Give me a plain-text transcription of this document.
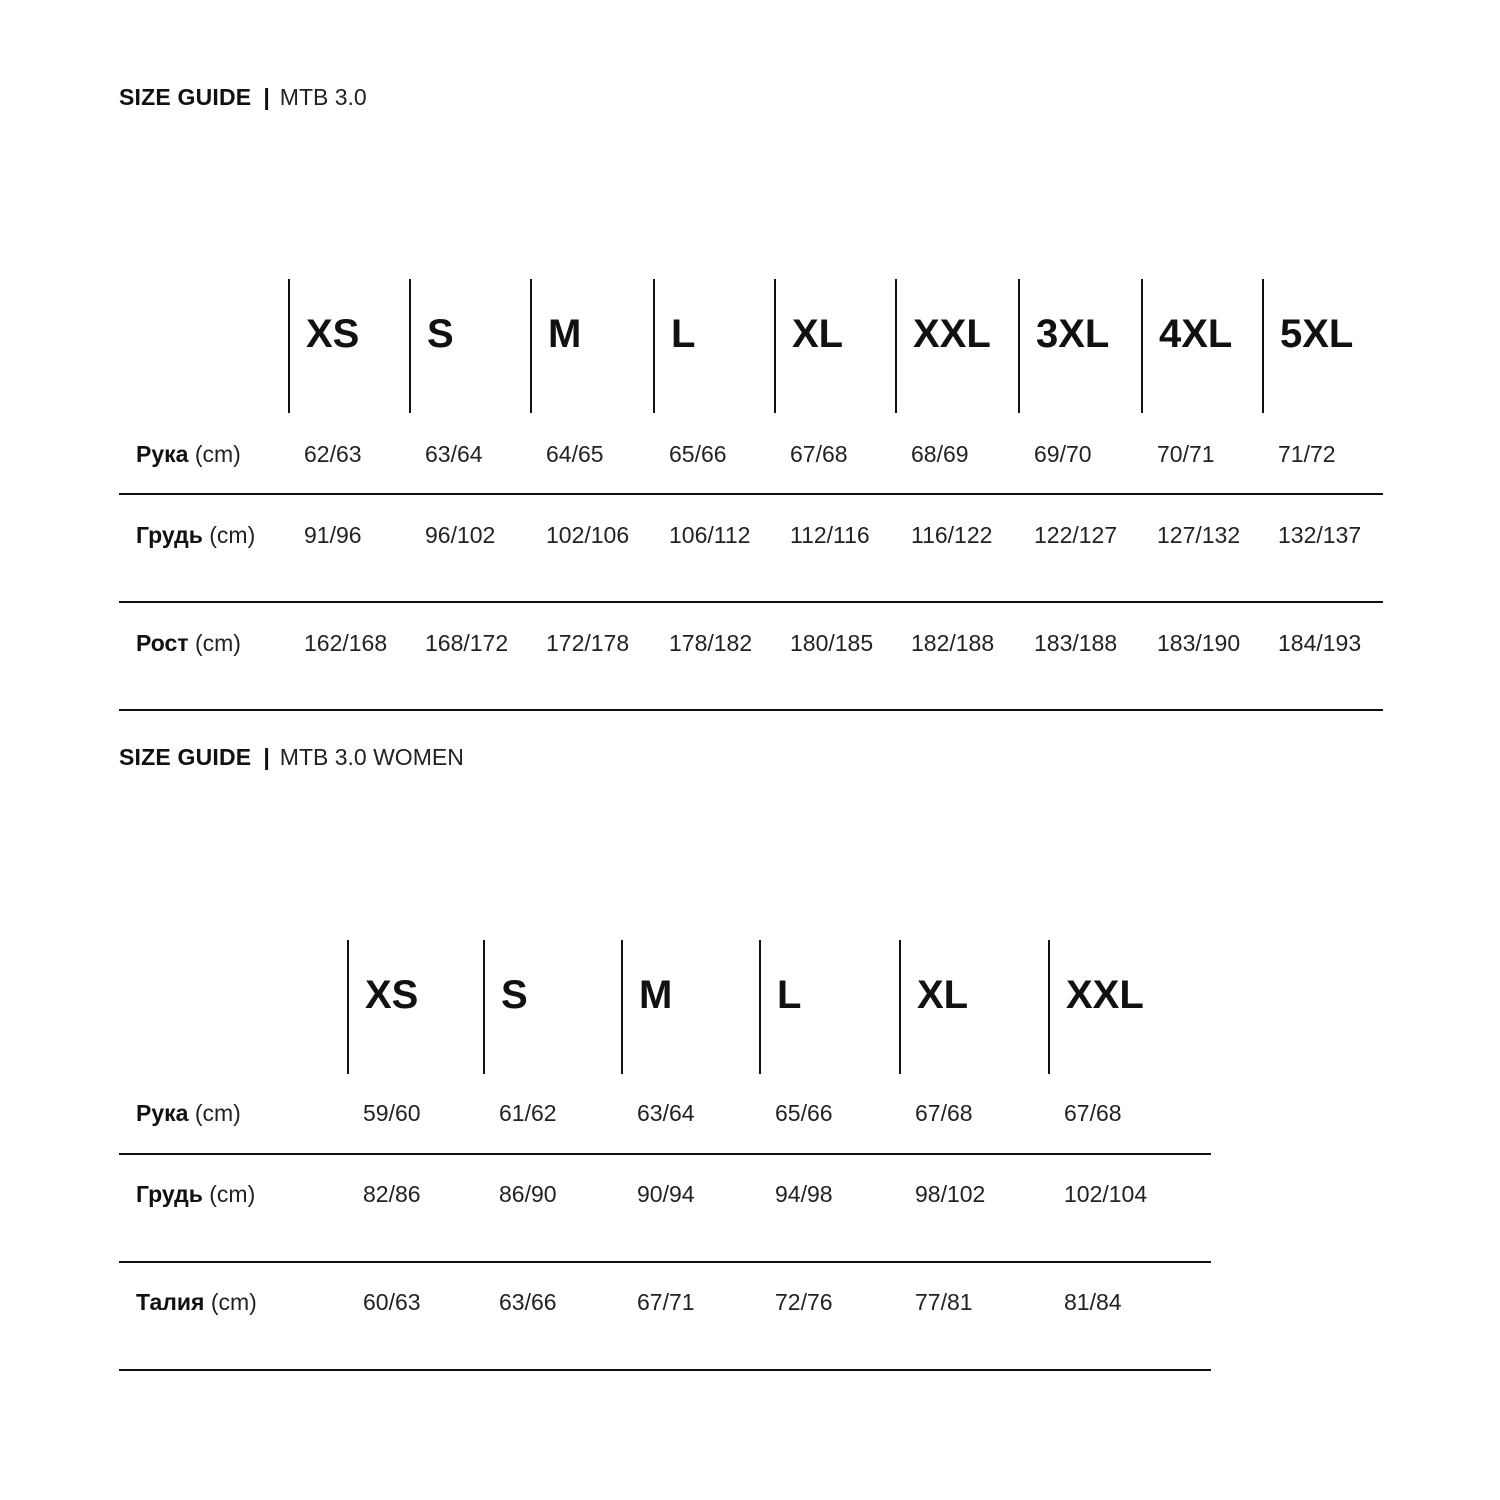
SIZE GUIDE | MTB 3.0
SIZE GUIDE | MTB 3.0 WOMEN
XS S M L XL XXL 3XL 4XL 5XL
Рука (cm)	62/63	63/64	64/65	65/66	67/68	68/69	69/70	70/71	71/72
Грудь (cm) 91/96	96/102 102/106 106/112 112/116 116/122 122/127 127/132 132/137
Рост (cm)	162/168 168/172 172/178 178/182 180/185 182/188 183/188 183/190 184/193
XS S	M	L	XL XXL
Рука (cm)	59/60	61/62	63/64	65/66	67/68	67/68
Грудь (cm)	82/86	86/90	90/94	94/98	98/102	102/104
Талия (cm)	60/63	63/66	67/71	72/76	77/81	81/84
